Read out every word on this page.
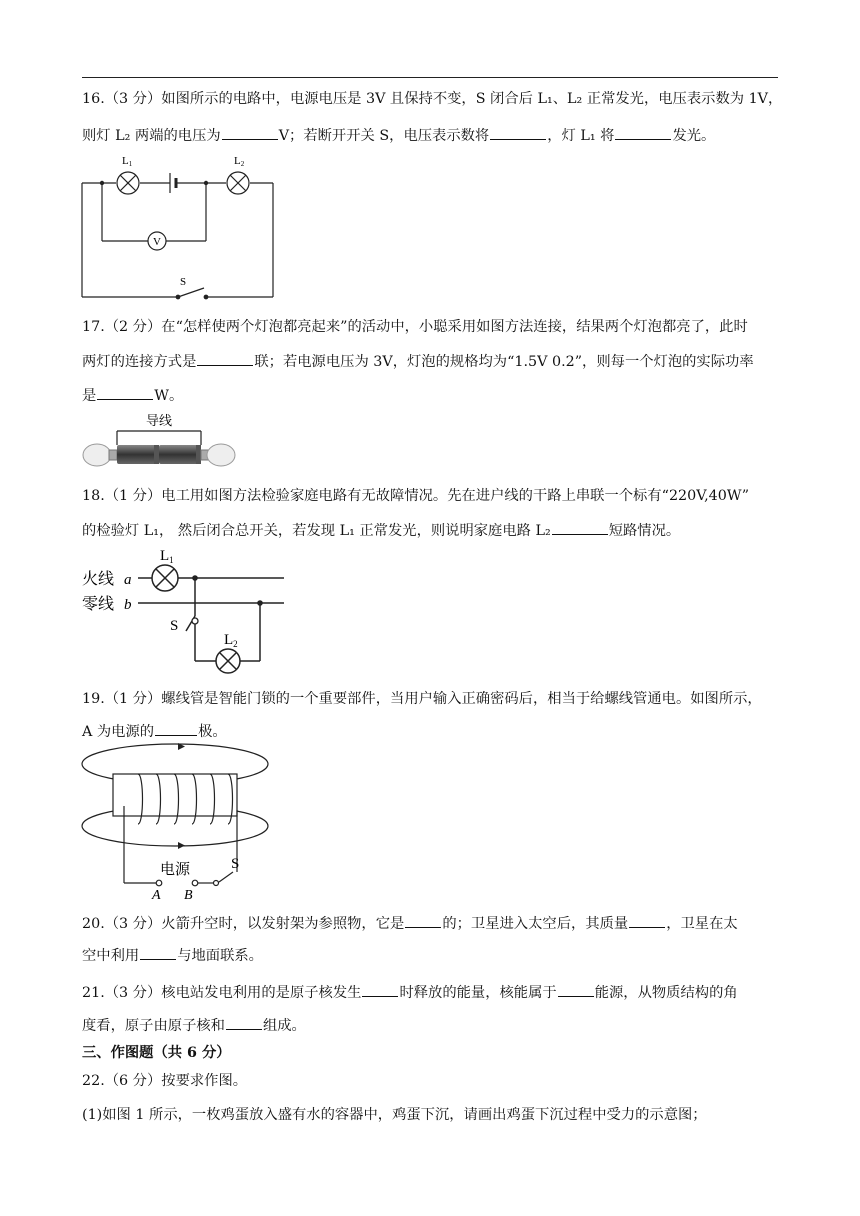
16.（3 分）如图所示的电路中，电源电压是 3V 且保持不变，S 闭合后 L₁、L₂ 正常发光，电压表示数为 1V，
则灯 L₂ 两端的电压为	V；若断开开关 S，电压表示数将	，灯 L₁ 将	发光。
V
L1	L2
S
17.（2 分）在“怎样使两个灯泡都亮起来”的活动中，小聪采用如图方法连接，结果两个灯泡都亮了，此时
两灯的连接方式是	联；若电源电压为 3V，灯泡的规格均为“1.5V 0.2”，则每一个灯泡的实际功率
是	W。
导线
18.（1 分）电工用如图方法检验家庭电路有无故障情况。先在进户线的干路上串联一个标有“220V,40W”
的检验灯 L₁， 然后闭合总开关，若发现 L₁ 正常发光，则说明家庭电路 L₂	短路情况。
火线 a
零线 b
$L_1$
$L_2$
S
19.（1 分）螺线管是智能门锁的一个重要部件，当用户输入正确密码后，相当于给螺线管通电。如图所示，
A 为电源的	极。
电源
A B
S
20.（3 分）火箭升空时，以发射架为参照物，它是	的；卫星进入太空后，其质量	，卫星在太
空中利用	与地面联系。
21.（3 分）核电站发电利用的是原子核发生	时释放的能量，核能属于	能源，从物质结构的角
度看，原子由原子核和	组成。
三、作图题（共 6 分）
22.（6 分）按要求作图。
(1)如图 1 所示，一枚鸡蛋放入盛有水的容器中，鸡蛋下沉，请画出鸡蛋下沉过程中受力的示意图；
